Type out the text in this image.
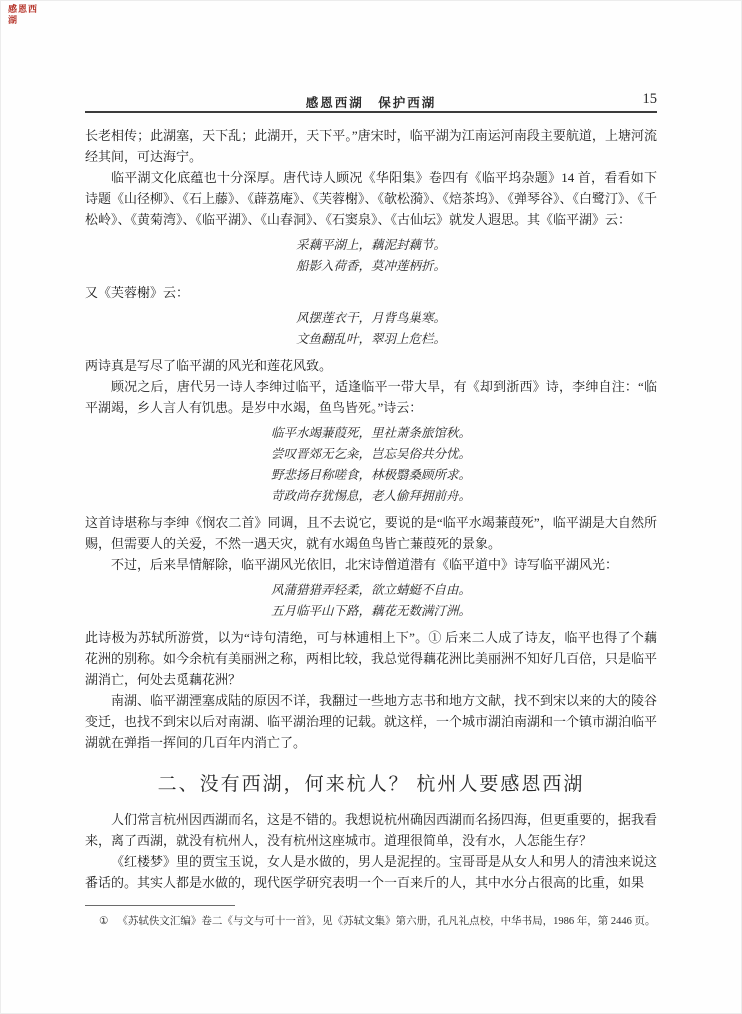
感恩西
湖
感恩西湖　保护西湖	15

长老相传；此湖塞，天下乱；此湖开，天下平。”唐宋时，临平湖为江南运河南段主要航道，上塘河流经其间，可达海宁。

临平湖文化底蕴也十分深厚。唐代诗人顾况《华阳集》卷四有《临平坞杂题》14 首，看看如下诗题《山径柳》、《石上藤》、《薜荔庵》、《芙蓉榭》、《欹松漪》、《焙茶坞》、《弹琴谷》、《白鹭汀》、《千松岭》、《黄菊湾》、《临平湖》、《山春洞》、《石窦泉》、《古仙坛》就发人遐思。其《临平湖》云：

采藕平湖上，藕泥封藕节。
船影入荷香，莫冲莲柄折。

又《芙蓉榭》云：

风摆莲衣干，月背鸟巢寒。
文鱼翻乱叶，翠羽上危栏。

两诗真是写尽了临平湖的风光和莲花风致。

顾况之后，唐代另一诗人李绅过临平，适逢临平一带大旱，有《却到浙西》诗，李绅自注：“临平湖竭，乡人言人有饥患。是岁中水竭，鱼鸟皆死。”诗云：

临平水竭蒹葭死，里社萧条旅馆秋。
尝叹晋郊无乞籴，岂忘吴俗共分忧。
野悲扬目称嗟食，林极翳桑顾所求。
苛政尚存犹惕息，老人偷拜拥前舟。

这首诗堪称与李绅《悯农二首》同调，且不去说它，要说的是“临平水竭蒹葭死”，临平湖是大自然所赐，但需要人的关爱，不然一遇天灾，就有水竭鱼鸟皆亡蒹葭死的景象。

不过，后来旱情解除，临平湖风光依旧，北宋诗僧道潜有《临平道中》诗写临平湖风光：

风蒲猎猎弄轻柔，欲立蜻蜓不自由。
五月临平山下路，藕花无数满汀洲。

此诗极为苏轼所游赏，以为“诗句清绝，可与林逋相上下”。① 后来二人成了诗友，临平也得了个藕花洲的别称。如今余杭有美丽洲之称，两相比较，我总觉得藕花洲比美丽洲不知好几百倍，只是临平湖消亡，何处去觅藕花洲？

南湖、临平湖湮塞成陆的原因不详，我翻过一些地方志书和地方文献，找不到宋以来的大的陵谷变迁，也找不到宋以后对南湖、临平湖治理的记载。就这样，一个城市湖泊南湖和一个镇市湖泊临平湖就在弹指一挥间的几百年内消亡了。

二、没有西湖，何来杭人？ 杭州人要感恩西湖

人们常言杭州因西湖而名，这是不错的。我想说杭州确因西湖而名扬四海，但更重要的，据我看来，离了西湖，就没有杭州人，没有杭州这座城市。道理很简单，没有水，人怎能生存？

《红楼梦》里的贾宝玉说，女人是水做的，男人是泥捏的。宝哥哥是从女人和男人的清浊来说这番话的。其实人都是水做的，现代医学研究表明一个一百来斤的人，其中水分占很高的比重，如果

① 《苏轼佚文汇编》卷二《与文与可十一首》，见《苏轼文集》第六册，孔凡礼点校，中华书局，1986 年，第 2446 页。
